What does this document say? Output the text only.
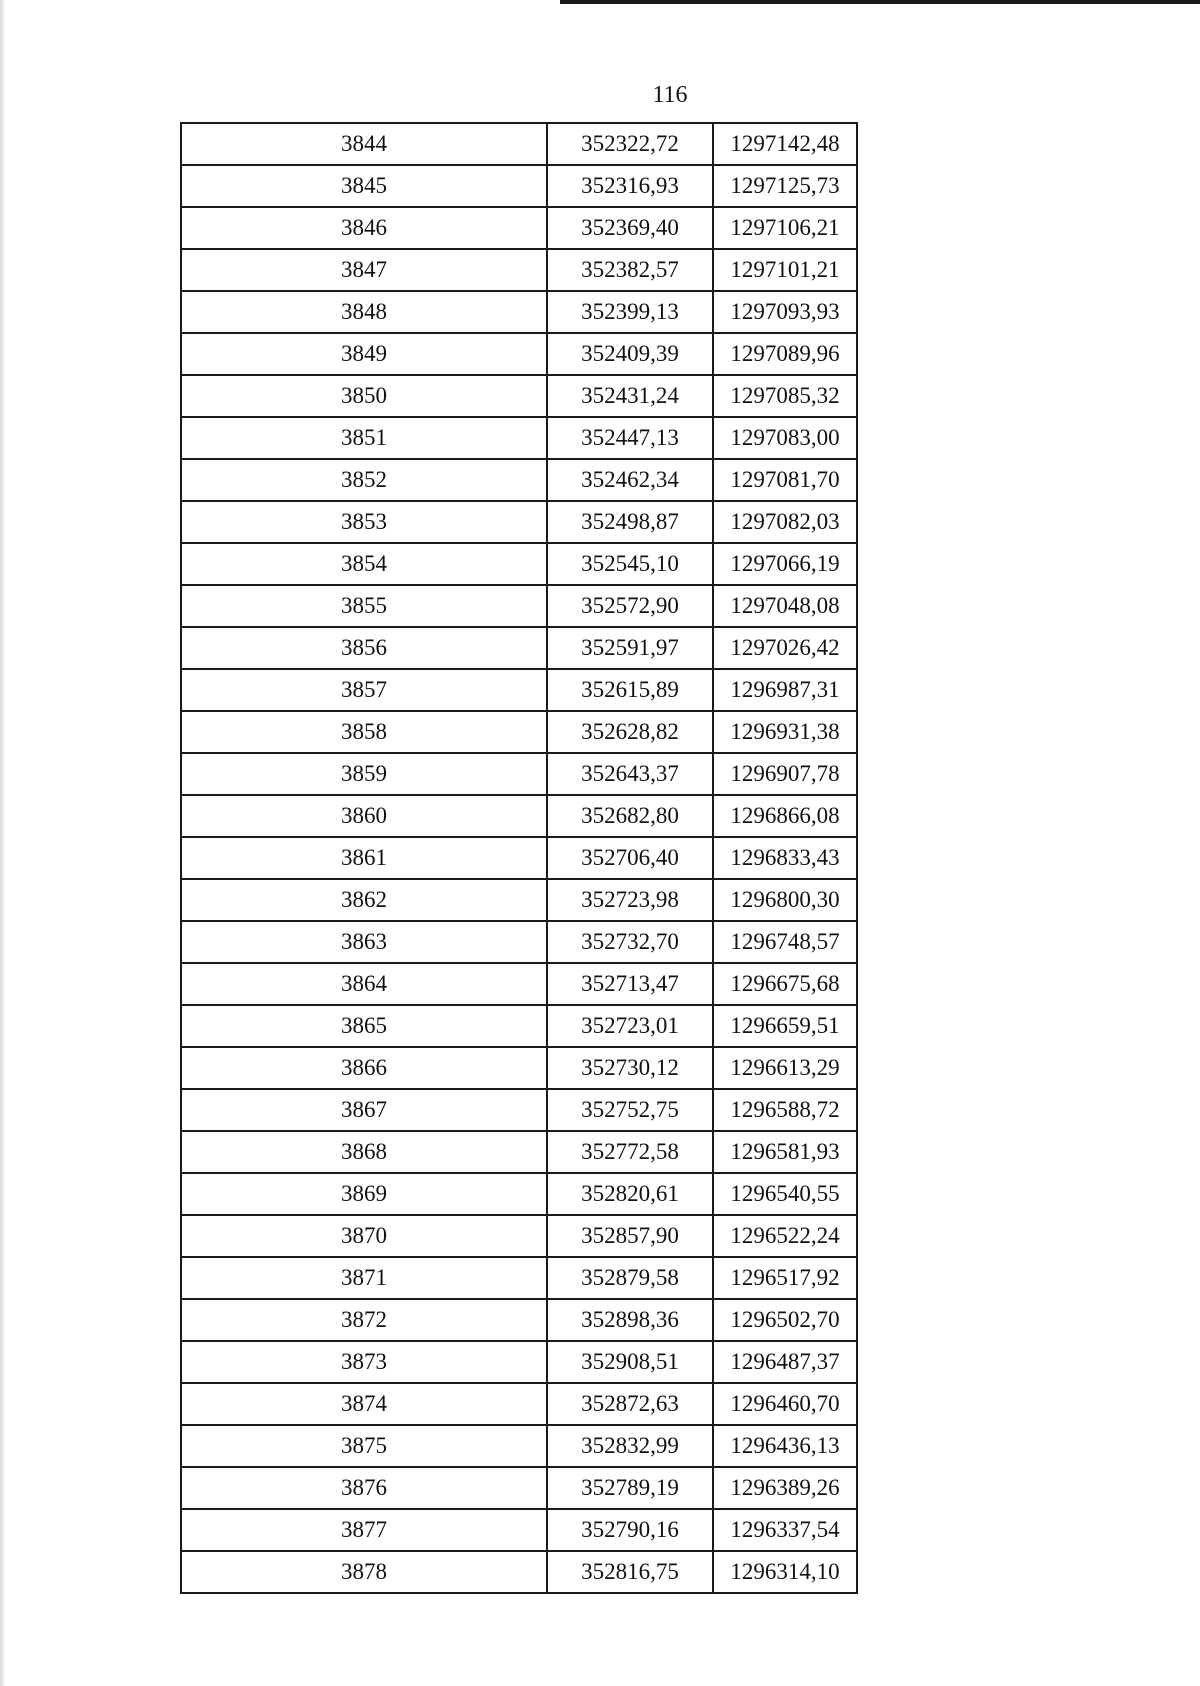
116
3844	352322,72	1297142,48
3845	352316,93	1297125,73
3846	352369,40	1297106,21
3847	352382,57	1297101,21
3848	352399,13	1297093,93
3849	352409,39	1297089,96
3850	352431,24	1297085,32
3851	352447,13	1297083,00
3852	352462,34	1297081,70
3853	352498,87	1297082,03
3854	352545,10	1297066,19
3855	352572,90	1297048,08
3856	352591,97	1297026,42
3857	352615,89	1296987,31
3858	352628,82	1296931,38
3859	352643,37	1296907,78
3860	352682,80	1296866,08
3861	352706,40	1296833,43
3862	352723,98	1296800,30
3863	352732,70	1296748,57
3864	352713,47	1296675,68
3865	352723,01	1296659,51
3866	352730,12	1296613,29
3867	352752,75	1296588,72
3868	352772,58	1296581,93
3869	352820,61	1296540,55
3870	352857,90	1296522,24
3871	352879,58	1296517,92
3872	352898,36	1296502,70
3873	352908,51	1296487,37
3874	352872,63	1296460,70
3875	352832,99	1296436,13
3876	352789,19	1296389,26
3877	352790,16	1296337,54
3878	352816,75	1296314,10
